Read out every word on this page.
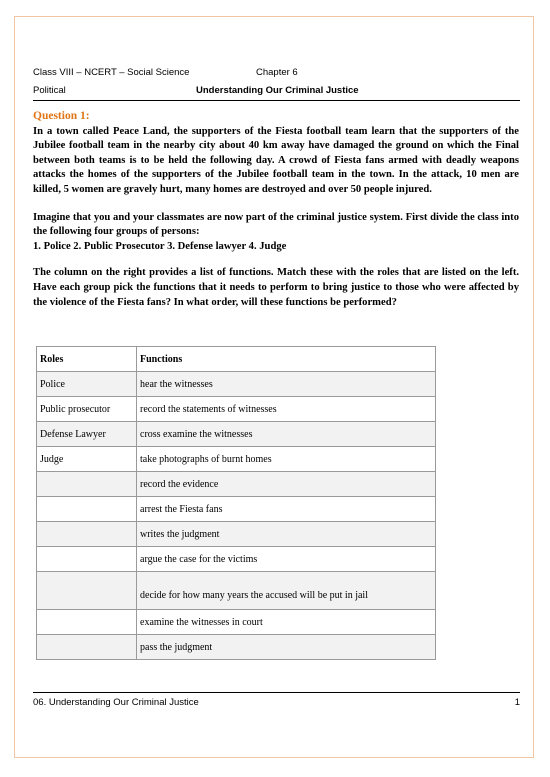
Class VIII – NCERT – Social Science	Chapter 6
Political	Understanding Our Criminal Justice
Question 1:

In a town called Peace Land, the supporters of the Fiesta football team learn that the supporters of the Jubilee football team in the nearby city about 40 km away have damaged the ground on which the Final between both teams is to be held the following day. A crowd of Fiesta fans armed with deadly weapons attacks the homes of the supporters of the Jubilee football team in the town. In the attack, 10 men are killed, 5 women are gravely hurt, many homes are destroyed and over 50 people injured.

Imagine that you and your classmates are now part of the criminal justice system. First divide the class into the following four groups of persons:

1. Police 2. Public Prosecutor 3. Defense lawyer 4. Judge

The column on the right provides a list of functions. Match these with the roles that are listed on the left. Have each group pick the functions that it needs to perform to bring justice to those who were affected by the violence of the Fiesta fans? In what order, will these functions be performed?

Roles	Functions
Police	hear the witnesses
Public prosecutor	record the statements of witnesses
Defense Lawyer	cross examine the witnesses
Judge	take photographs of burnt homes
	record the evidence
	arrest the Fiesta fans
	writes the judgment
	argue the case for the victims
	decide for how many years the accused will be put in jail
	examine the witnesses in court
	pass the judgment
06. Understanding Our Criminal Justice	1
